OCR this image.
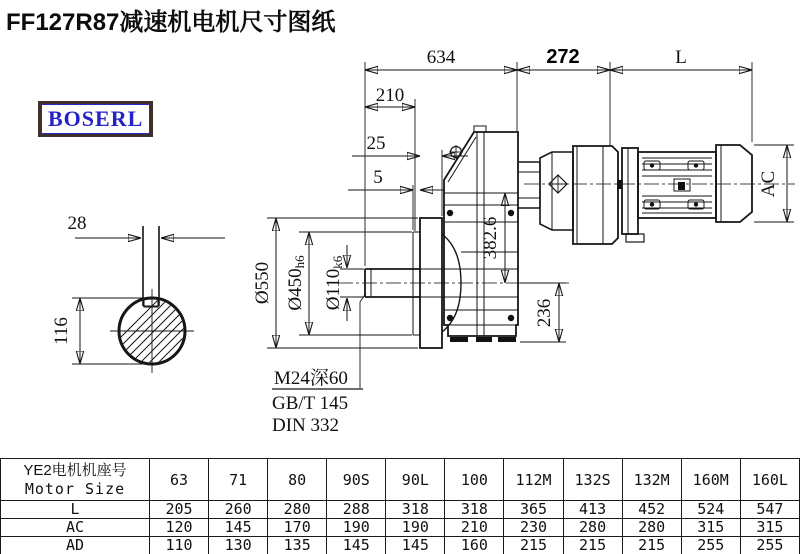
FF127R87减速机电机尺寸图纸
BOSERL
28
116
634	272	L
210
25
5
Ø550 Ø450h6
Ø110k6
382.6
236
AC
M24深60
GB/T 145
DIN 332
YE2电机机座号
Motor Size	63	71	80	90S	90L	100	112M	132S	132M	160M	160L
L	205	260	280	288	318	318	365	413	452	524	547
AC	120	145	170	190	190	210	230	280	280	315	315
AD	110	130	135	145	145	160	215	215	215	255	255
